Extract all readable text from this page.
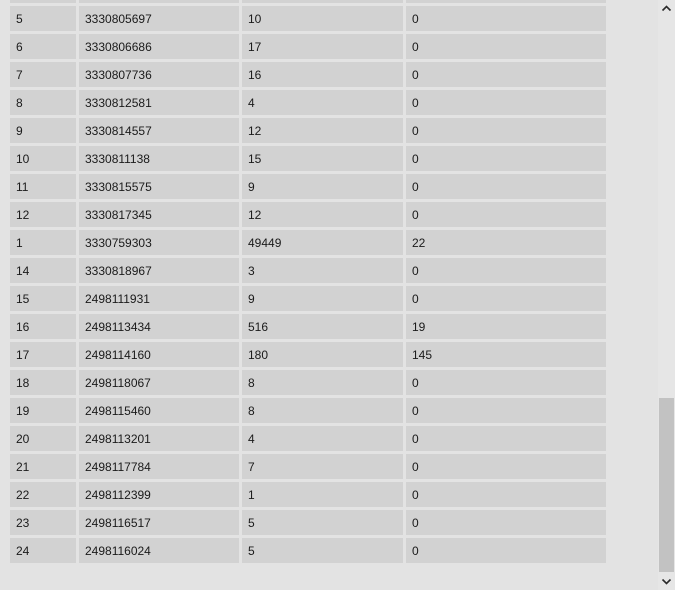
5	3330805697	10	0
6	3330806686	17	0
7	3330807736	16	0
8	3330812581	4	0
9	3330814557	12	0
10	3330811138	15	0
11	3330815575	9	0
12	3330817345	12	0
1	3330759303	49449	22
14	3330818967	3	0
15	2498111931	9	0
16	2498113434	516	19
17	2498114160	180	145
18	2498118067	8	0
19	2498115460	8	0
20	2498113201	4	0
21	2498117784	7	0
22	2498112399	1	0
23	2498116517	5	0
24	2498116024	5	0
